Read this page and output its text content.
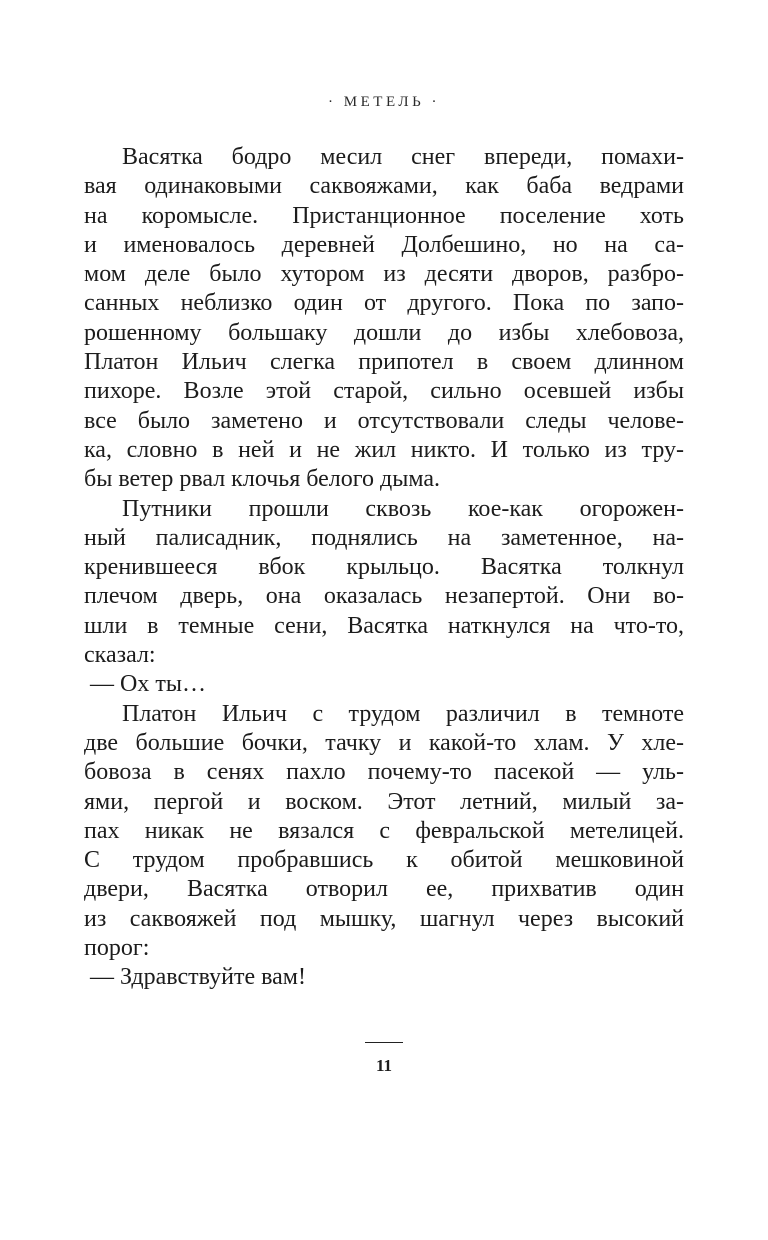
· МЕТЕЛЬ ·
Васятка бодро месил снег впереди, помахи-
вая одинаковыми саквояжами, как баба ведрами
на коромысле. Пристанционное поселение хоть
и именовалось деревней Долбешино, но на са-
мом деле было хутором из десяти дворов, разбро-
санных неблизко один от другого. Пока по запо-
рошенному большаку дошли до избы хлебовоза,
Платон Ильич слегка припотел в своем длинном
пихоре. Возле этой старой, сильно осевшей избы
все было заметено и отсутствовали следы челове-
ка, словно в ней и не жил никто. И только из тру-
бы ветер рвал клочья белого дыма.
Путники прошли сквозь кое-как огорожен-
ный палисадник, поднялись на заметенное, на-
кренившееся вбок крыльцо. Васятка толкнул
плечом дверь, она оказалась незапертой. Они во-
шли в темные сени, Васятка наткнулся на что-то,
сказал:
— Ох ты…
Платон Ильич с трудом различил в темноте
две большие бочки, тачку и какой-то хлам. У хле-
бовоза в сенях пахло почему-то пасекой — уль-
ями, пергой и воском. Этот летний, милый за-
пах никак не вязался с февральской метелицей.
С трудом пробравшись к обитой мешковиной
двери, Васятка отворил ее, прихватив один
из саквояжей под мышку, шагнул через высокий
порог:
— Здравствуйте вам!
11
